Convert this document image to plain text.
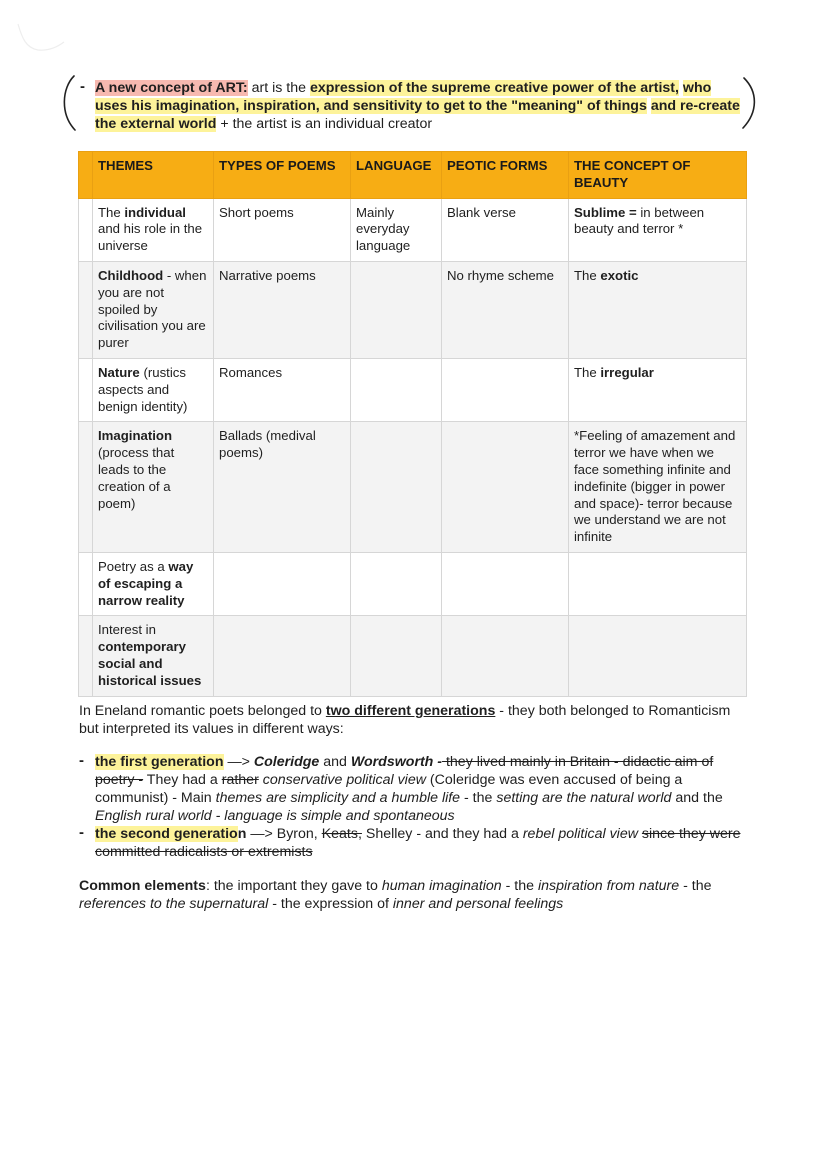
- A new concept of ART: art is the expression of the supreme creative power of the artist, who uses his imagination, inspiration, and sensitivity to get to the "meaning" of things and re-create the external world + the artist is an individual creator
	THEMES	TYPES OF POEMS	LANGUAGE	PEOTIC FORMS	THE CONCEPT OF BEAUTY
	The individual and his role in the universe	Short poems	Mainly everyday language	Blank verse	Sublime = in between beauty and terror *
	Childhood - when you are not spoiled by civilisation you are purer	Narrative poems		No rhyme scheme	The exotic
	Nature (rustics aspects and benign identity)	Romances			The irregular
	Imagination (process that leads to the creation of a poem)	Ballads (medival poems)			*Feeling of amazement and terror we have when we face something infinite and indefinite (bigger in power and space)- terror because we understand we are not infinite
	Poetry as a way of escaping a narrow reality				
	Interest in contemporary social and historical issues				
In Eneland romantic poets belonged to two different generations - they both belonged to Romanticism but interpreted its values in different ways:
- the first generation —> Coleridge and Wordsworth - they lived mainly in Britain - didactic aim of poetry - They had a rather conservative political view (Coleridge was even accused of being a communist) - Main themes are simplicity and a humble life - the setting are the natural world and the English rural world - language is simple and spontaneous
- the second generation —> Byron, Keats, Shelley - and they had a rebel political view since they were committed radicalists or extremists
Common elements: the important they gave to human imagination - the inspiration from nature - the references to the supernatural - the expression of inner and personal feelings
